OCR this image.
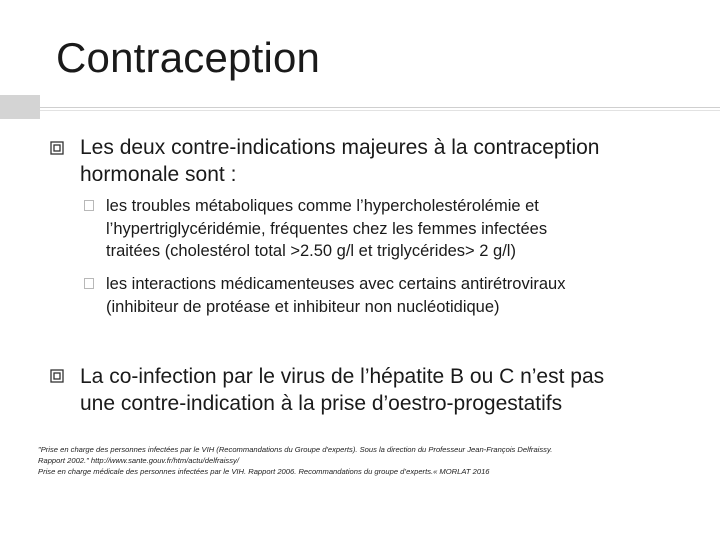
Contraception
Les deux contre-indications majeures à la contraception
hormonale sont :
les troubles métaboliques comme l’hypercholestérolémie et
l’hypertriglycéridémie, fréquentes chez les femmes infectées
traitées (cholestérol total >2.50 g/l et triglycérides> 2 g/l)
les interactions médicamenteuses avec certains antirétroviraux
(inhibiteur de protéase et inhibiteur non nucléotidique)
La co-infection par le virus de l’hépatite B ou C n’est pas
une contre-indication à la prise d’oestro-progestatifs
"Prise en charge des personnes infectées par le VIH (Recommandations du Groupe d'experts). Sous la direction du Professeur Jean-François Delfraissy.
Rapport 2002." http://www.sante.gouv.fr/htm/actu/delfraissy/
Prise en charge médicale des personnes infectées par le VIH. Rapport 2006. Recommandations du groupe d’experts.« MORLAT 2016
